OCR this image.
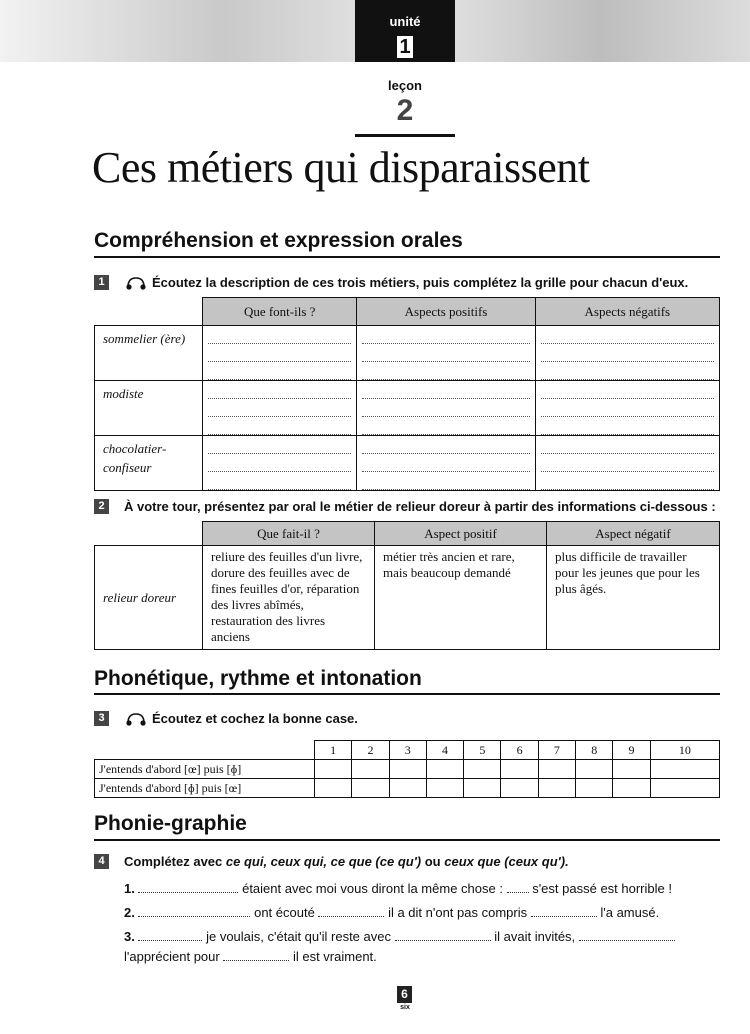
unité
1
leçon
2
Ces métiers qui disparaissent
Compréhension et expression orales
1	Écoutez la description de ces trois métiers, puis complétez la grille pour chacun d'eux.
	Que font-ils ?	Aspects positifs	Aspects négatifs
sommelier (ère)	

modiste	

chocolatier-confiseur	

2	À votre tour, présentez par oral le métier de relieur doreur à partir des informations ci-dessous :
	Que fait-il ?	Aspect positif	Aspect négatif
relieur doreur	reliure des feuilles d'un livre, dorure des feuilles avec de fines feuilles d'or, réparation des livres abîmés, restauration des livres anciens	métier très ancien et rare, mais beaucoup demandé	plus difficile de travailler pour les jeunes que pour les plus âgés.
Phonétique, rythme et intonation
3	Écoutez et cochez la bonne case.
	1	2	3	4	5	6	7	8	9	10
J'entends d'abord [œ] puis [ɸ]										
J'entends d'abord [ɸ] puis [œ]										
Phonie-graphie
4	Complétez avec ce qui, ceux qui, ce que (ce qu') ou ceux que (ceux qu').
1.	étaient avec moi vous diront la même chose : s'est passé est horrible !
2.	ont écouté	il a dit n'ont pas compris	l'a amusé.
3.	je voulais, c'était qu'il reste avec	il avait invités,
l'apprécient pour	il est vraiment.
6
six
